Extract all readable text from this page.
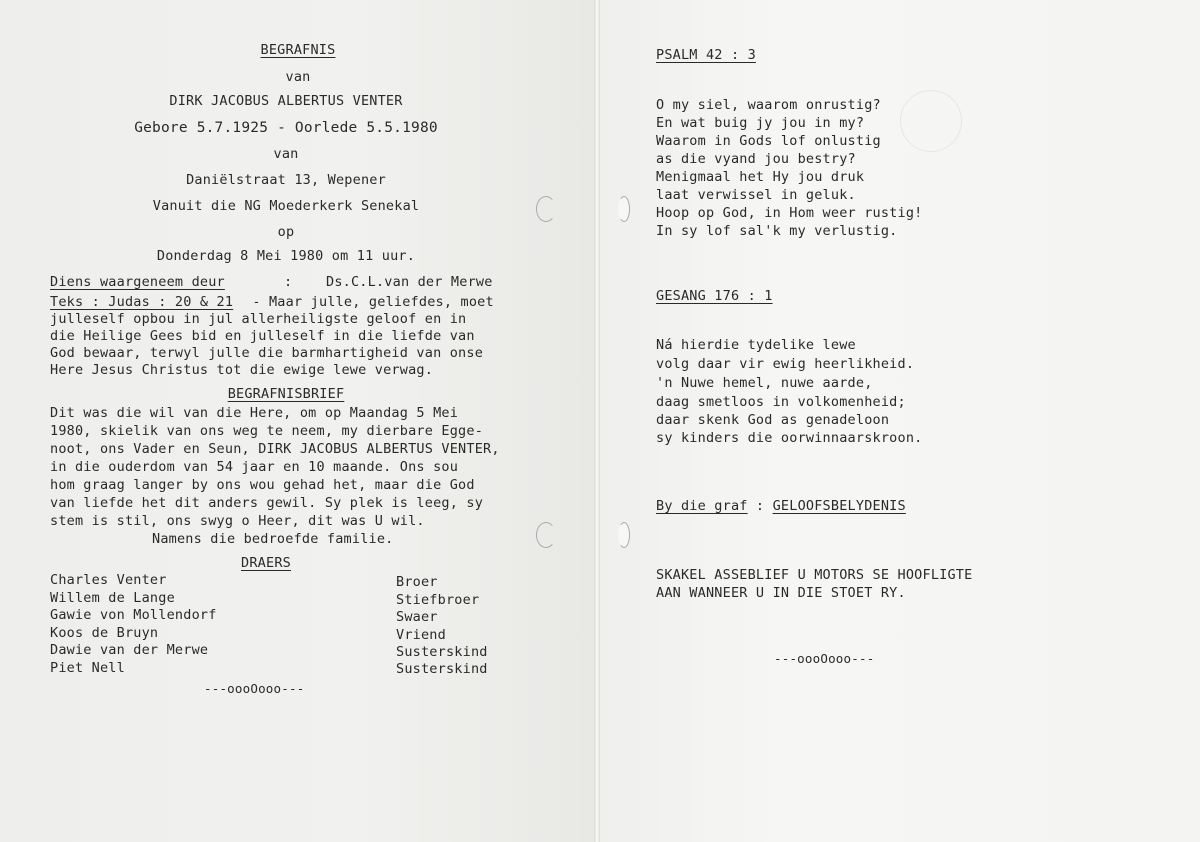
BEGRAFNIS
van
DIRK JACOBUS ALBERTUS VENTER
Gebore 5.7.1925 - Oorlede 5.5.1980
van
Daniëlstraat 13, Wepener
Vanuit die NG Moederkerk Senekal
op
Donderdag 8 Mei 1980 om 11 uur.
Diens waargeneem deur	: Ds.C.L.van der Merwe
Teks : Judas : 20 & 21 - Maar julle, geliefdes, moet
julleself opbou in jul allerheiligste geloof en in
die Heilige Gees bid en julleself in die liefde van
God bewaar, terwyl julle die barmhartigheid van onse
Here Jesus Christus tot die ewige lewe verwag.
BEGRAFNISBRIEF
Dit was die wil van die Here, om op Maandag 5 Mei
1980, skielik van ons weg te neem, my dierbare Egge-
noot, ons Vader en Seun, DIRK JACOBUS ALBERTUS VENTER,
in die ouderdom van 54 jaar en 10 maande. Ons sou
hom graag langer by ons wou gehad het, maar die God
van liefde het dit anders gewil. Sy plek is leeg, sy
stem is stil, ons swyg o Heer, dit was U wil.
Namens die bedroefde familie.
DRAERS
Charles Venter	Broer
Willem de Lange	Stiefbroer
Gawie von Mollendorf	Swaer
Koos de Bruyn	Vriend
Dawie van der Merwe	Susterskind
Piet Nell	Susterskind
---oooOooo---
PSALM 42 : 3
O my siel, waarom onrustig?
En wat buig jy jou in my?
Waarom in Gods lof onlustig
as die vyand jou bestry?
Menigmaal het Hy jou druk
laat verwissel in geluk.
Hoop op God, in Hom weer rustig!
In sy lof sal'k my verlustig.
GESANG 176 : 1
Ná hierdie tydelike lewe
volg daar vir ewig heerlikheid.
'n Nuwe hemel, nuwe aarde,
daag smetloos in volkomenheid;
daar skenk God as genadeloon
sy kinders die oorwinnaarskroon.
By die graf : GELOOFSBELYDENIS
SKAKEL ASSEBLIEF U MOTORS SE HOOFLIGTE
AAN WANNEER U IN DIE STOET RY.
---oooOooo---
